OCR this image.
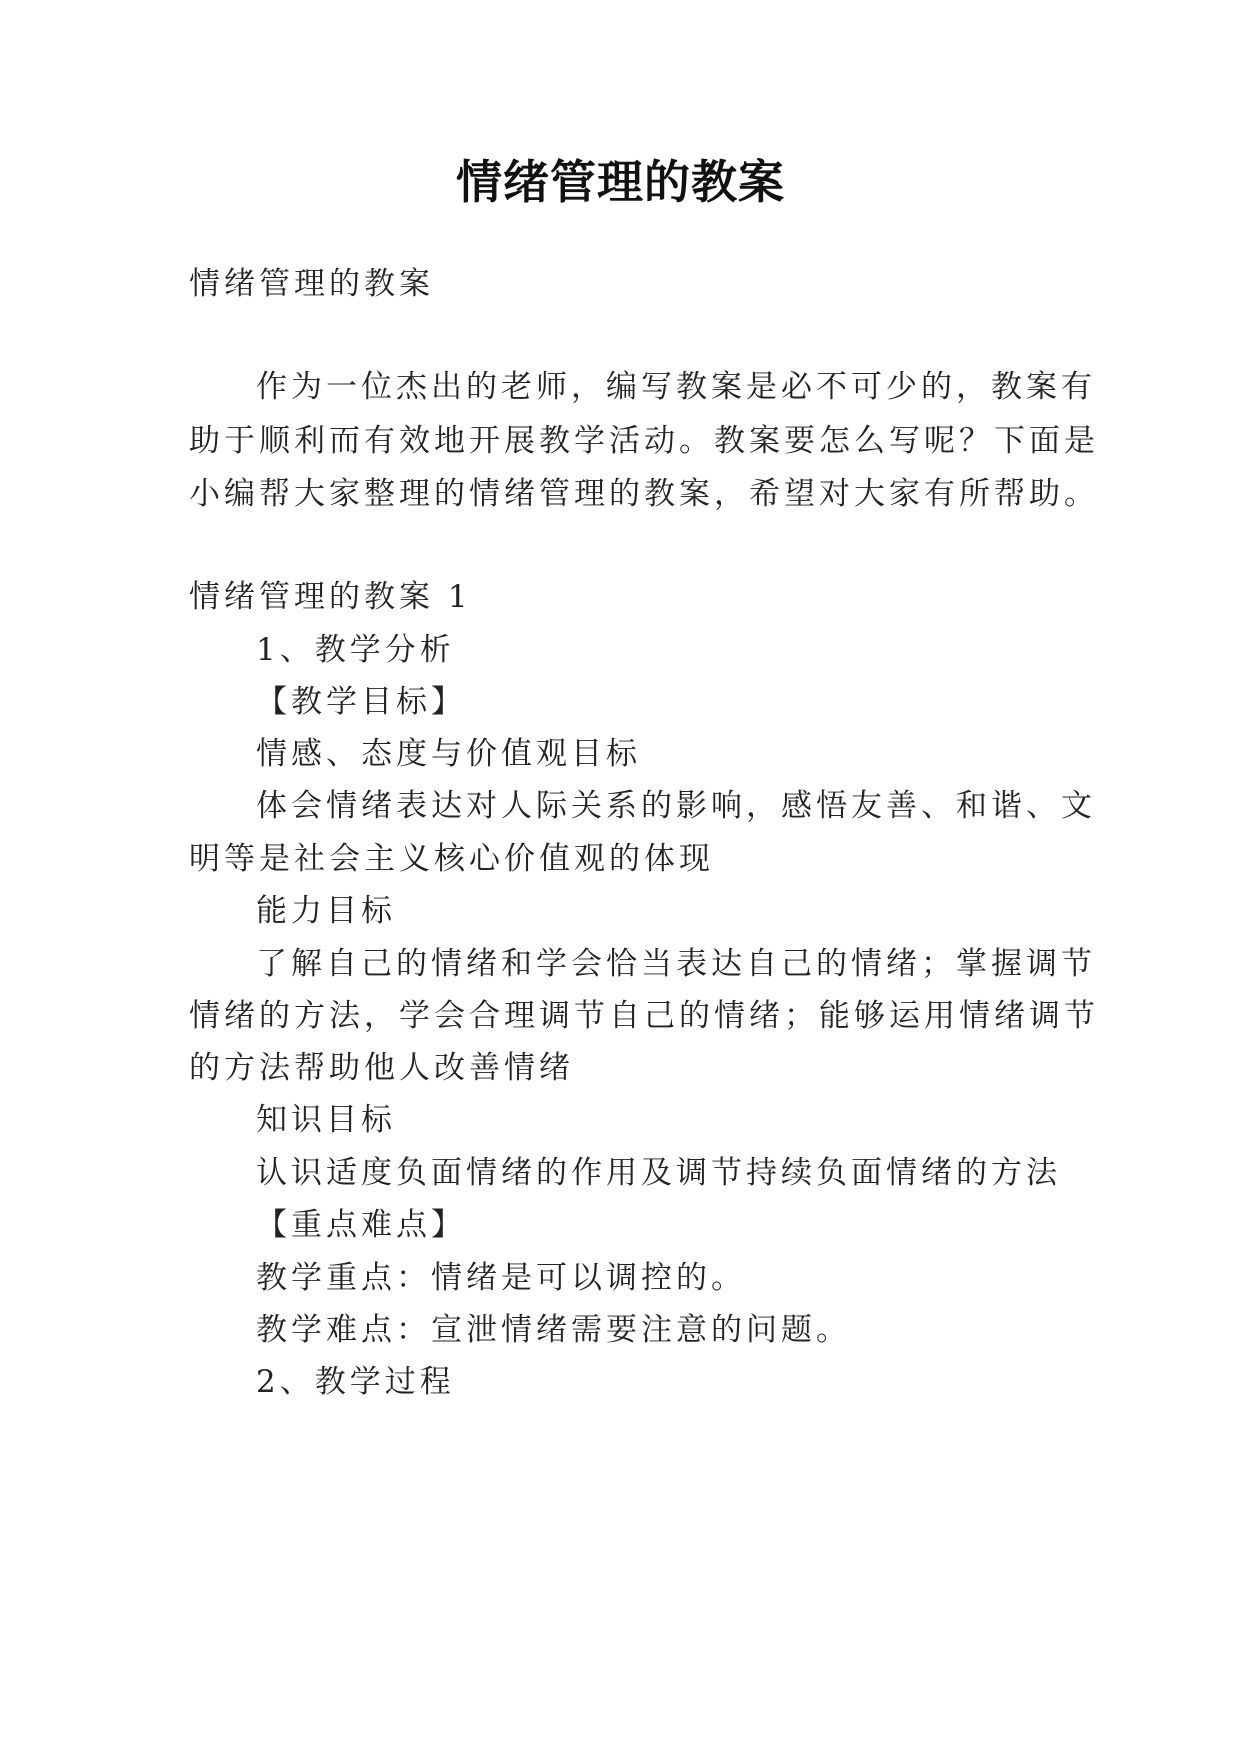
情绪管理的教案

情绪管理的教案

作为一位杰出的老师，编写教案是必不可少的，教案有

助于顺利而有效地开展教学活动。教案要怎么写呢？下面是

小编帮大家整理的情绪管理的教案，希望对大家有所帮助。

情绪管理的教案 1

1、教学分析

【教学目标】

情感、态度与价值观目标

体会情绪表达对人际关系的影响，感悟友善、和谐、文

明等是社会主义核心价值观的体现

能力目标

了解自己的情绪和学会恰当表达自己的情绪；掌握调节

情绪的方法，学会合理调节自己的情绪；能够运用情绪调节

的方法帮助他人改善情绪

知识目标

认识适度负面情绪的作用及调节持续负面情绪的方法

【重点难点】

教学重点：情绪是可以调控的。

教学难点：宣泄情绪需要注意的问题。

2、教学过程
